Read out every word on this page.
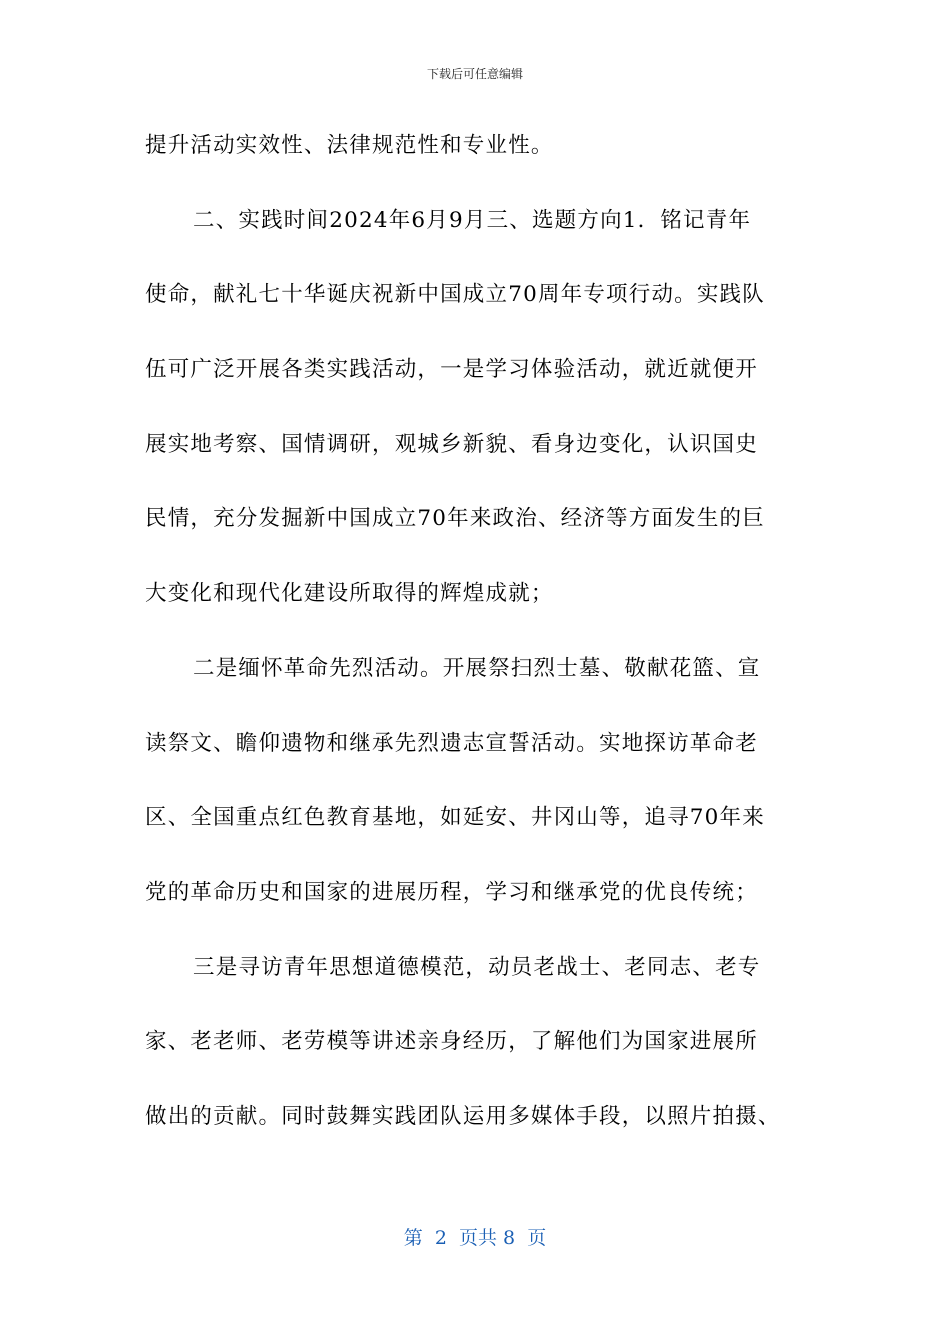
下载后可任意编辑
提升活动实效性、法律规范性和专业性。
二、实践时间2024年6月9月三、选题方向1．铭记青年
使命，献礼七十华诞庆祝新中国成立70周年专项行动。实践队
伍可广泛开展各类实践活动，一是学习体验活动，就近就便开
展实地考察、国情调研，观城乡新貌、看身边变化，认识国史
民情，充分发掘新中国成立70年来政治、经济等方面发生的巨
大变化和现代化建设所取得的辉煌成就；
二是缅怀革命先烈活动。开展祭扫烈士墓、敬献花篮、宣
读祭文、瞻仰遗物和继承先烈遗志宣誓活动。实地探访革命老
区、全国重点红色教育基地，如延安、井冈山等，追寻70年来
党的革命历史和国家的进展历程，学习和继承党的优良传统；
三是寻访青年思想道德模范，动员老战士、老同志、老专
家、老老师、老劳模等讲述亲身经历，了解他们为国家进展所
做出的贡献。同时鼓舞实践团队运用多媒体手段，以照片拍摄、
第  2  页共 8  页
